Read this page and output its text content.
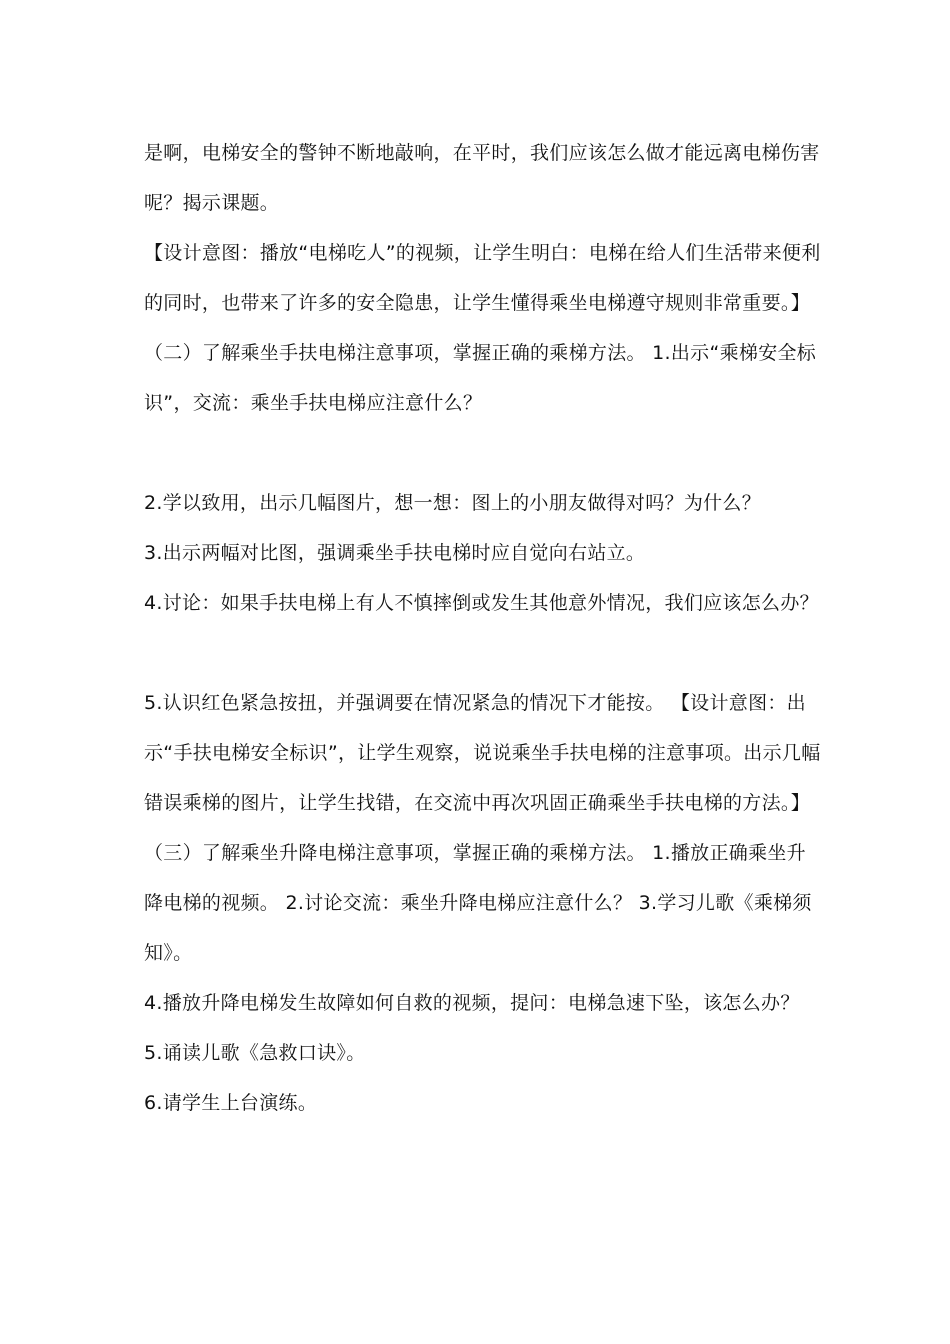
是啊，电梯安全的警钟不断地敲响，在平时，我们应该怎么做才能远离电梯伤害呢？揭示课题。

【设计意图：播放“电梯吃人”的视频，让学生明白：电梯在给人们生活带来便利的同时，也带来了许多的安全隐患，让学生懂得乘坐电梯遵守规则非常重要。】

（二）了解乘坐手扶电梯注意事项，掌握正确的乘梯方法。 1.出示“乘梯安全标识”，交流：乘坐手扶电梯应注意什么？

2.学以致用，出示几幅图片，想一想：图上的小朋友做得对吗？为什么？

3.出示两幅对比图，强调乘坐手扶电梯时应自觉向右站立。

4.讨论：如果手扶电梯上有人不慎摔倒或发生其他意外情况，我们应该怎么办？

5.认识红色紧急按扭，并强调要在情况紧急的情况下才能按。 【设计意图：出示“手扶电梯安全标识”，让学生观察，说说乘坐手扶电梯的注意事项。出示几幅错误乘梯的图片，让学生找错，在交流中再次巩固正确乘坐手扶电梯的方法。】

（三）了解乘坐升降电梯注意事项，掌握正确的乘梯方法。 1.播放正确乘坐升降电梯的视频。 2.讨论交流：乘坐升降电梯应注意什么？ 3.学习儿歌《乘梯须知》。

4.播放升降电梯发生故障如何自救的视频，提问：电梯急速下坠，该怎么办？

5.诵读儿歌《急救口诀》。

6.请学生上台演练。
